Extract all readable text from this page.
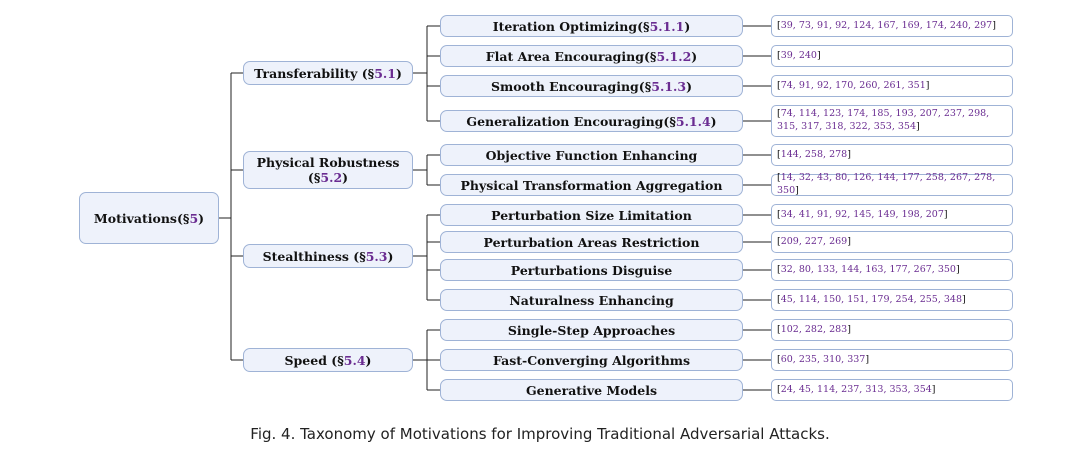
Motivations ( §5 )
Transferability (§5.1)
Iteration Optimizing ( §5.1.1 )	[39, 73, 91, 92, 124, 167, 169, 174, 240, 297]
Flat Area Encouraging ( §5.1.2 )	[39, 240]
Smooth Encouraging ( §5.1.3 )	[74, 91, 92, 170, 260, 261, 351]
Generalization Encouraging ( §5.1.4 )	[74, 114, 123, 174, 185, 193, 207, 237, 298, 315, 317, 318, 322, 353, 354]
Physical Robustness
(§5.2)
Objective Function Enhancing	[144, 258, 278]
Physical Transformation Aggregation	[14, 32, 43, 80, 126, 144, 177, 258, 267, 278, 350]
Stealthiness (§5.3)
Perturbation Size Limitation	[34, 41, 91, 92, 145, 149, 198, 207]
Perturbation Areas Restriction	[209, 227, 269]
Perturbations Disguise	[32, 80, 133, 144, 163, 177, 267, 350]
Naturalness Enhancing	[45, 114, 150, 151, 179, 254, 255, 348]
Speed (§5.4)
Single-Step Approaches	[102, 282, 283]
Fast-Converging Algorithms	[60, 235, 310, 337]
Generative Models	[24, 45, 114, 237, 313, 353, 354]
Fig. 4. Taxonomy of Motivations for Improving Traditional Adversarial Attacks.
